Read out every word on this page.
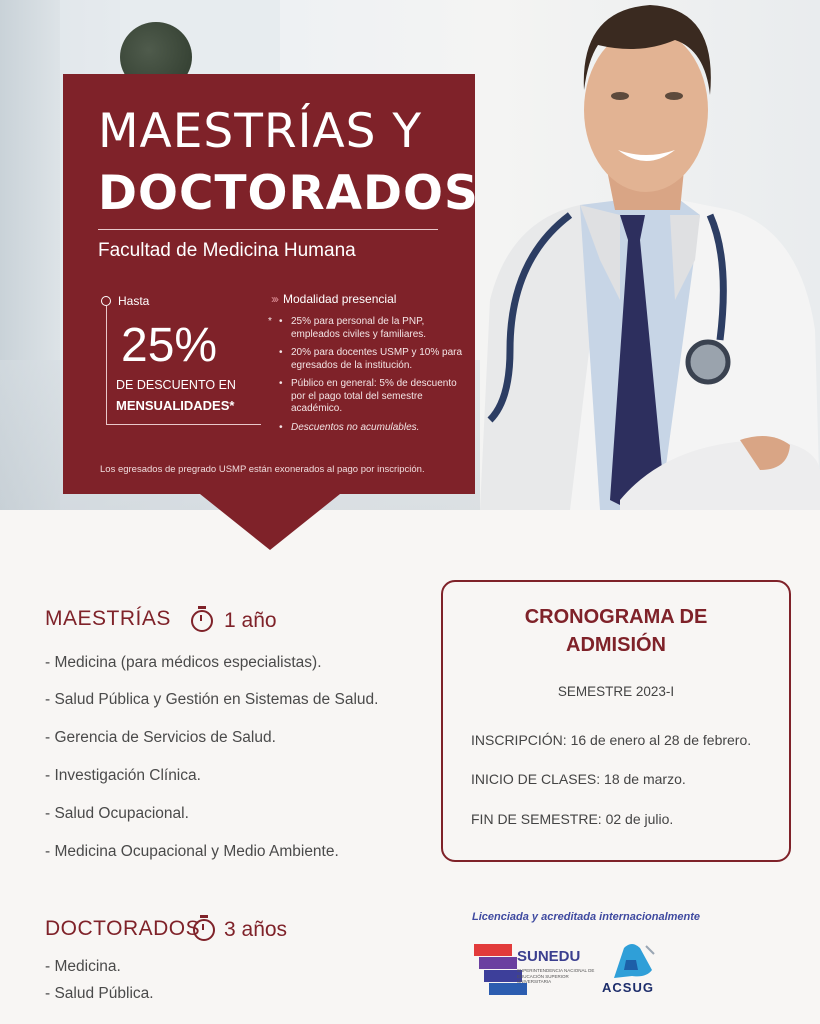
MAESTRÍAS Y
DOCTORADOS
Facultad de Medicina Humana
Hasta
25%
DE DESCUENTO EN
MENSUALIDADES*
››› Modalidad presencial
* • 25% para personal de la PNP, empleados civiles y familiares.
• 20% para docentes USMP y 10% para egresados de la institución.
• Público en general: 5% de descuento por el pago total del semestre académico.
• Descuentos no acumulables.
Los egresados de pregrado USMP están exonerados al pago por inscripción.
MAESTRÍAS	1 año
- Medicina (para médicos especialistas).
- Salud Pública y Gestión en Sistemas de Salud.
- Gerencia de Servicios de Salud.
- Investigación Clínica.
- Salud Ocupacional.
- Medicina Ocupacional y Medio Ambiente.
DOCTORADOS 3 años
- Medicina.
- Salud Pública.
CRONOGRAMA DE
ADMISIÓN
SEMESTRE 2023-I
INSCRIPCIÓN: 16 de enero al 28 de febrero.
INICIO DE CLASES: 18 de marzo.
FIN DE SEMESTRE: 02 de julio.
Licenciada y acreditada internacionalmente
SUNEDU
SUPERINTENDENCIA NACIONAL DE EDUCACIÓN SUPERIOR UNIVERSITARIA	ACSUG
